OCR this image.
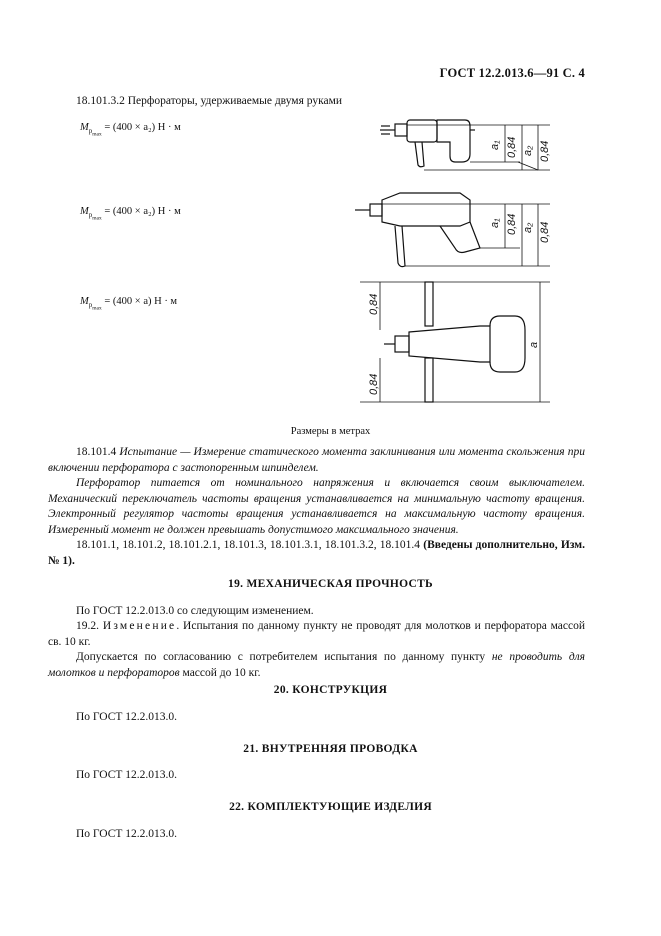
ГОСТ 12.2.013.6—91 С. 4
18.101.3.2 Перфораторы, удерживаемые двумя руками
$M_{p_{max}} = (400 \times a_2) Н \cdot м$
$M_{p_{max}} = (400 \times a_2) Н \cdot м$
$M_{p_{max}} = (400 \times a) Н \cdot м$
a₁ 0,84 a₂ 0,84
a₁ 0,84 a₂ 0,84
0,84
0,84
a
Размеры в метрах
18.101.4 Испытание — Измерение статического момента заклинивания или момента скольжения при включении перфоратора с застопоренным шпинделем.
Перфоратор питается от номинального напряжения и включается своим выключателем. Механический переключатель частоты вращения устанавливается на минимальную частоту вращения. Электронный регулятор частоты вращения устанавливается на максимальную частоту вращения. Измеренный момент не должен превышать допустимого максимального значения.
18.101.1, 18.101.2, 18.101.2.1, 18.101.3, 18.101.3.1, 18.101.3.2, 18.101.4 (Введены дополнительно, Изм. № 1).
19. МЕХАНИЧЕСКАЯ ПРОЧНОСТЬ
По ГОСТ 12.2.013.0 со следующим изменением.
19.2. Изменение. Испытания по данному пункту не проводят для молотков и перфоратора массой св. 10 кг.
Допускается по согласованию с потребителем испытания по данному пункту не проводить для молотков и перфораторов массой до 10 кг.
20. КОНСТРУКЦИЯ
По ГОСТ 12.2.013.0.
21. ВНУТРЕННЯЯ ПРОВОДКА
По ГОСТ 12.2.013.0.
22. КОМПЛЕКТУЮЩИЕ ИЗДЕЛИЯ
По ГОСТ 12.2.013.0.
